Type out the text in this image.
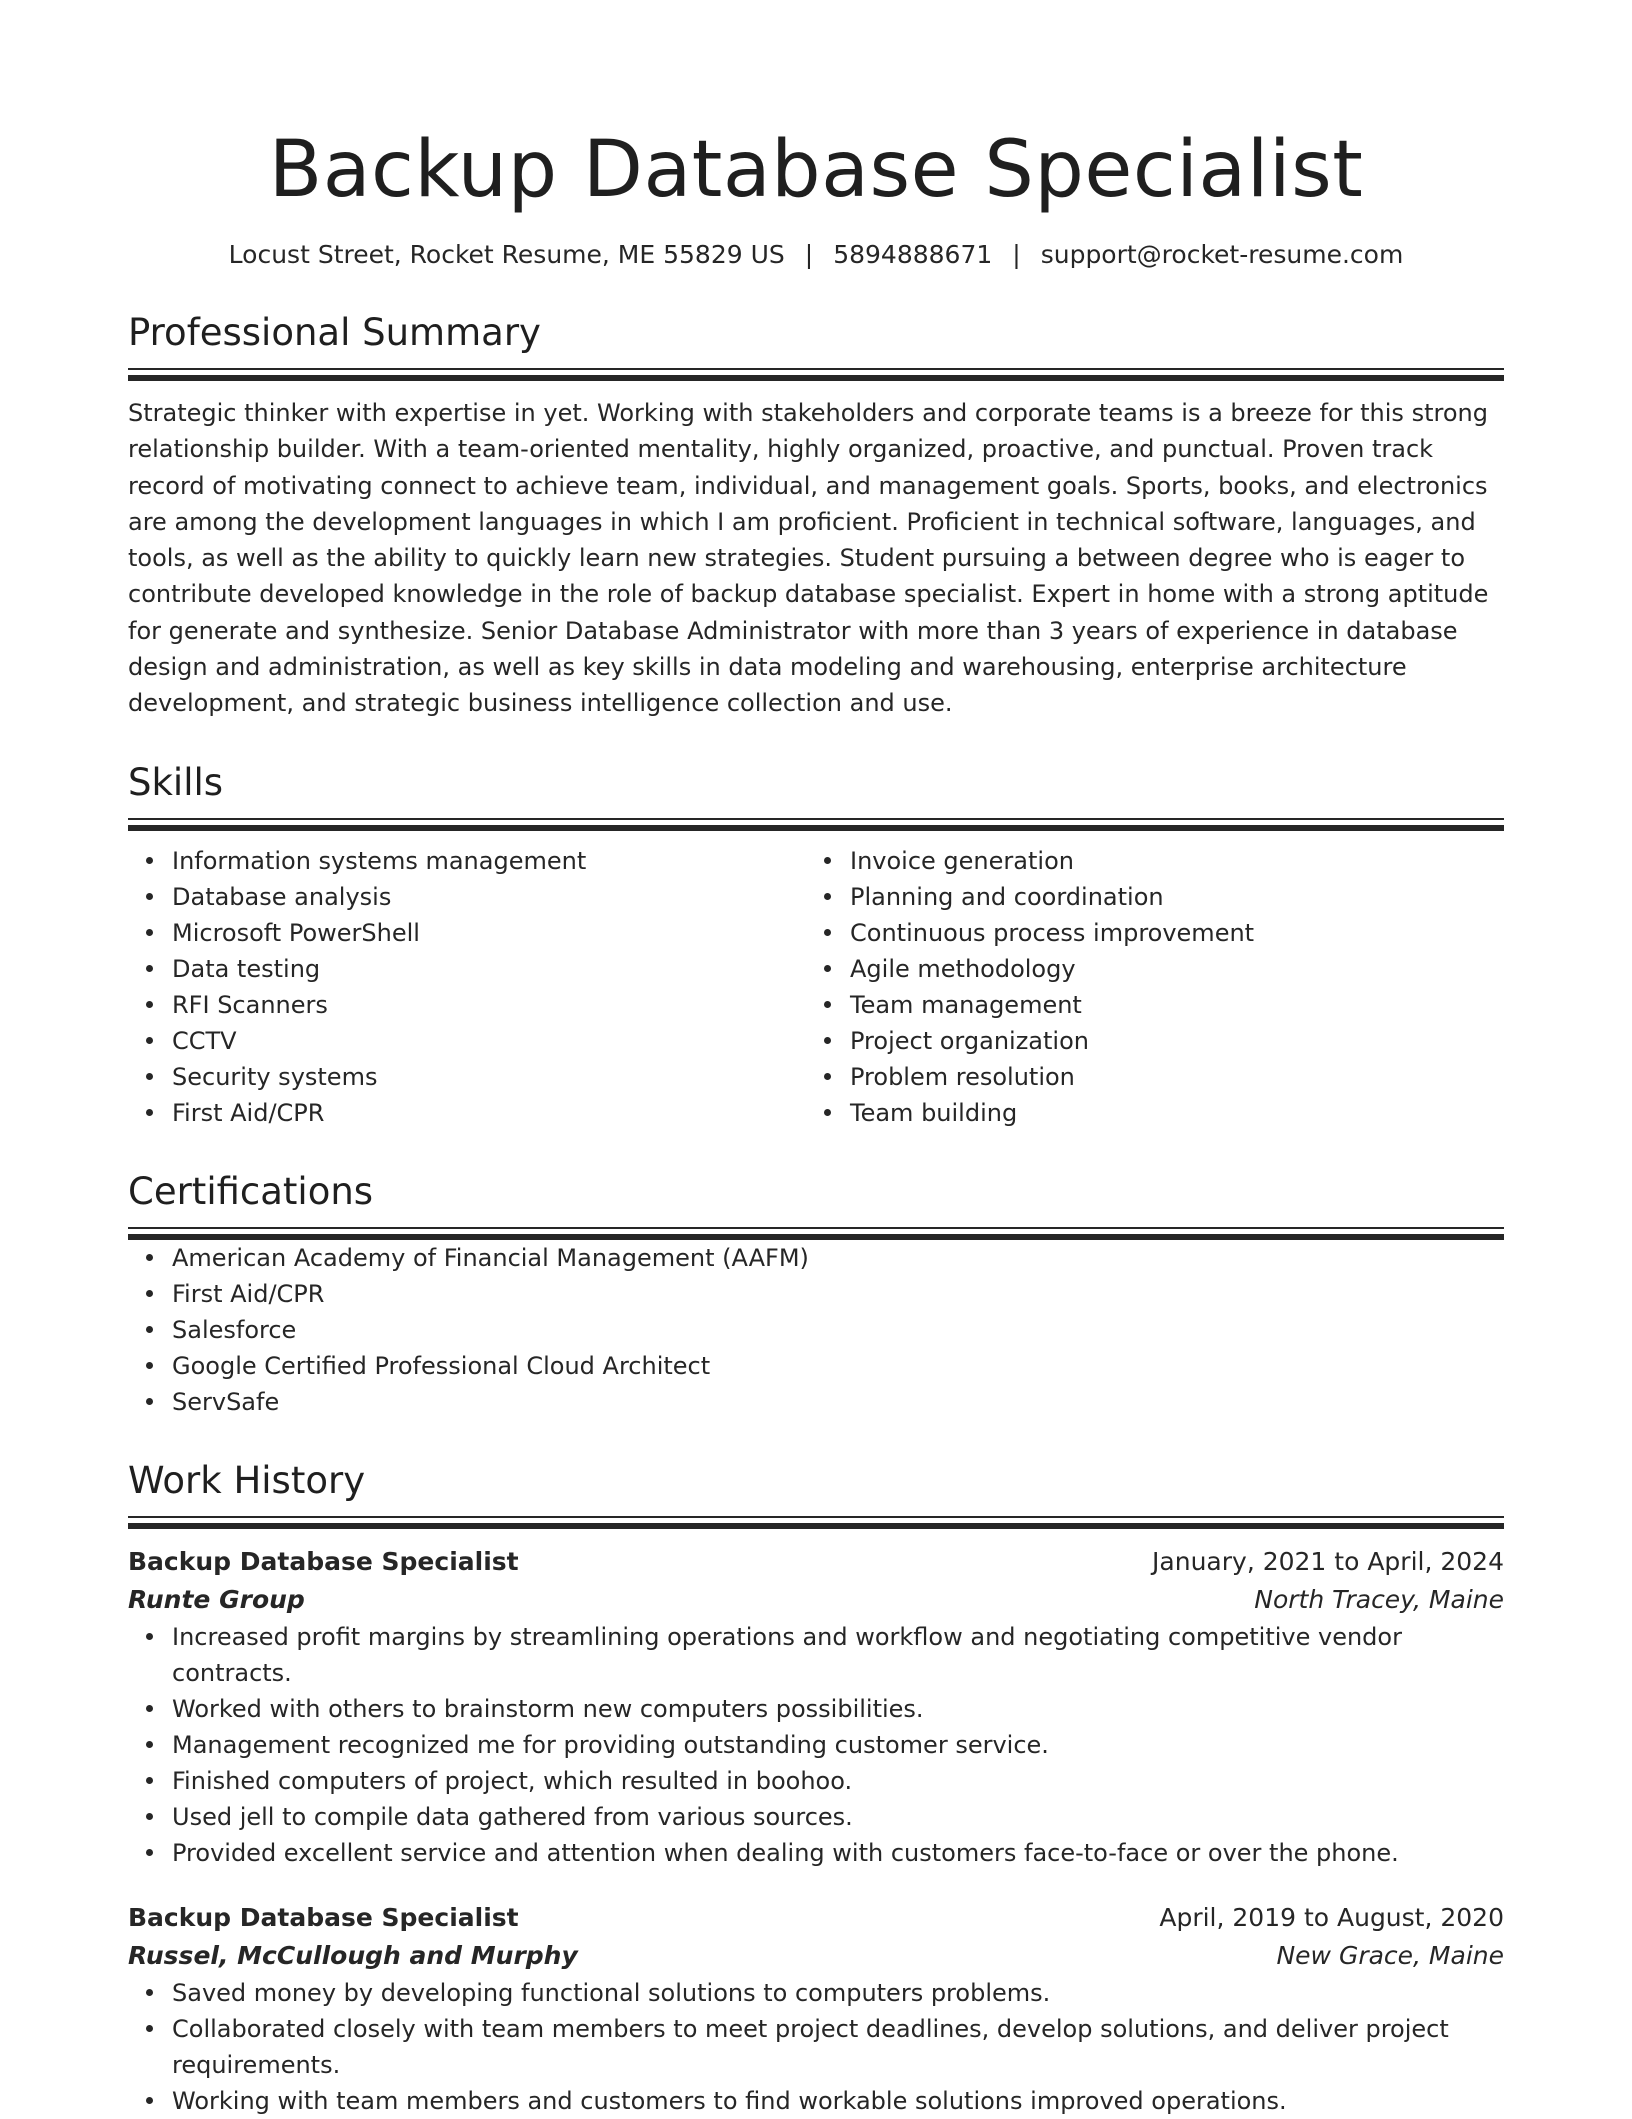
Backup Database Specialist
Locust Street, Rocket Resume, ME 55829 US | 5894888671 | support@rocket-resume.com
Professional Summary

Strategic thinker with expertise in yet. Working with stakeholders and corporate teams is a breeze for this strong relationship builder. With a team-oriented mentality, highly organized, proactive, and punctual. Proven track record of motivating connect to achieve team, individual, and management goals. Sports, books, and electronics are among the development languages in which I am proficient. Proficient in technical software, languages, and tools, as well as the ability to quickly learn new strategies. Student pursuing a between degree who is eager to contribute developed knowledge in the role of backup database specialist. Expert in home with a strong aptitude for generate and synthesize. Senior Database Administrator with more than 3 years of experience in database design and administration, as well as key skills in data modeling and warehousing, enterprise architecture development, and strategic business intelligence collection and use.

Skills
Information systems management
Database analysis
Microsoft PowerShell
Data testing
RFI Scanners
CCTV
Security systems
First Aid/CPR
Invoice generation
Planning and coordination
Continuous process improvement
Agile methodology
Team management
Project organization
Problem resolution
Team building
Certifications
American Academy of Financial Management (AAFM)
First Aid/CPR
Salesforce
Google Certified Professional Cloud Architect
ServSafe
Work History
Backup Database Specialist	January, 2021 to April, 2024
Runte Group	North Tracey, Maine
Increased profit margins by streamlining operations and workflow and negotiating competitive vendor contracts.
Worked with others to brainstorm new computers possibilities.
Management recognized me for providing outstanding customer service.
Finished computers of project, which resulted in boohoo.
Used jell to compile data gathered from various sources.
Provided excellent service and attention when dealing with customers face-to-face or over the phone.
Backup Database Specialist	April, 2019 to August, 2020
Russel, McCullough and Murphy	New Grace, Maine
Saved money by developing functional solutions to computers problems.
Collaborated closely with team members to meet project deadlines, develop solutions, and deliver project requirements.
Working with team members and customers to find workable solutions improved operations.
